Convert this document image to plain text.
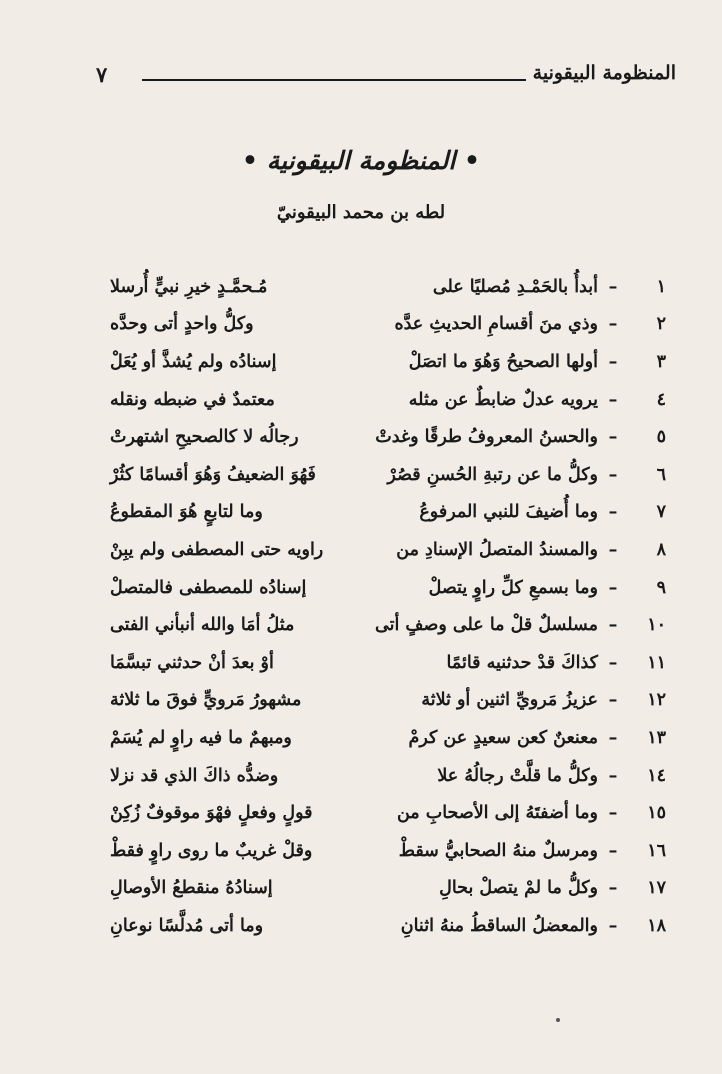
المنظومة البيقونية
٧
• المنظومة البيقونية •
لطه بن محمد البيقونيّ
١
–
أبدأُ بالحَمْـدِ مُصليًا على
مُـحمَّـدٍ خيرِ نبيٍّ أُرسلا
٢
–
وذي منَ أقسامِ الحديثِ عدَّه
وكلُّ واحدٍ أتى وحدَّه
٣
–
أولها الصحيحُ وَهُوَ ما اتصَلْ
إسنادُه ولم يُشذَّ أو يُعَلْ
٤
–
يرويه عدلٌ ضابطٌ عن مثله
معتمدٌ في ضبطه ونقله
٥
–
والحسنُ المعروفُ طرقًا وغدتْ
رجالُه لا كالصحيحِ اشتهرتْ
٦
–
وكلُّ ما عن رتبةِ الحُسنِ قصُرْ
فَهُوَ الضعيفُ وَهُوَ أقسامًا كثُرْ
٧
–
وما أُضيفَ للنبي المرفوعُ
وما لتابعٍ هُوَ المقطوعُ
٨
–
والمسندُ المتصلُ الإسنادِ من
راويه حتى المصطفى ولم يبِنْ
٩
–
وما بسمعِ كلِّ راوٍ يتصلْ
إسنادُه للمصطفى فالمتصلْ
١٠
–
مسلسلٌ قلْ ما على وصفٍ أتى
مثلُ أمَا والله أنبأني الفتى
١١
–
كذاكَ قدْ حدثنيه قائمًا
أوْ بعدَ أنْ حدثني تبسَّمَا
١٢
–
عزيزُ مَرويِّ اثنين أو ثلاثة
مشهورُ مَرويٍّ فوقَ ما ثلاثة
١٣
–
معنعنٌ كعن سعيدٍ عن كرمْ
ومبهمٌ ما فيه راوٍ لم يُسَمْ
١٤
–
وكلُّ ما قلَّتْ رجالُهُ علا
وضدُّه ذاكَ الذي قد نزلا
١٥
–
وما أضفتَهُ إلى الأصحابِ من
قولٍ وفعلٍ فهْوَ موقوفٌ زُكِنْ
١٦
–
ومرسلٌ منهُ الصحابيُّ سقطْ
وقلْ غريبٌ ما روى راوٍ فقطْ
١٧
–
وكلُّ ما لمْ يتصلْ بحالِ
إسنادُهُ منقطعُ الأوصالِ
١٨
–
والمعضلُ الساقطُ منهُ اثنانِ
وما أتى مُدلَّسًا نوعانِ
